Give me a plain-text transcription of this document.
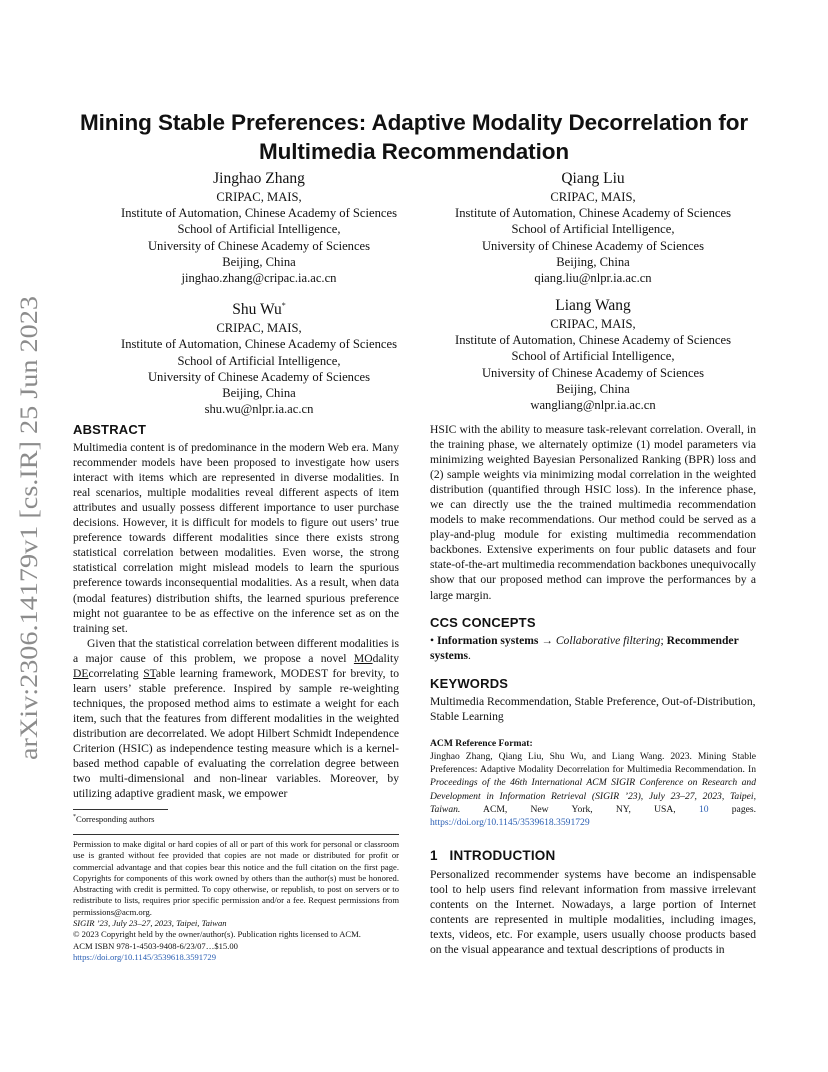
arXiv:2306.14179v1 [cs.IR] 25 Jun 2023
Mining Stable Preferences: Adaptive Modality Decorrelation for
Multimedia Recommendation
Jinghao Zhang
CRIPAC, MAIS,
Institute of Automation, Chinese Academy of Sciences
School of Artificial Intelligence,
University of Chinese Academy of Sciences
Beijing, China
jinghao.zhang@cripac.ia.ac.cn
Qiang Liu
CRIPAC, MAIS,
Institute of Automation, Chinese Academy of Sciences
School of Artificial Intelligence,
University of Chinese Academy of Sciences
Beijing, China
qiang.liu@nlpr.ia.ac.cn
Shu Wu*
CRIPAC, MAIS,
Institute of Automation, Chinese Academy of Sciences
School of Artificial Intelligence,
University of Chinese Academy of Sciences
Beijing, China
shu.wu@nlpr.ia.ac.cn
Liang Wang
CRIPAC, MAIS,
Institute of Automation, Chinese Academy of Sciences
School of Artificial Intelligence,
University of Chinese Academy of Sciences
Beijing, China
wangliang@nlpr.ia.ac.cn
ABSTRACT

Multimedia content is of predominance in the modern Web era. Many recommender models have been proposed to investigate how users interact with items which are represented in diverse modalities. In real scenarios, multiple modalities reveal different aspects of item attributes and usually possess different importance to user purchase decisions. However, it is difficult for models to figure out users’ true preference towards different modalities since there exists strong statistical correlation between modalities. Even worse, the strong statistical correlation might mislead models to learn the spurious preference towards inconsequential modalities. As a result, when data (modal features) distribution shifts, the learned spurious preference might not guarantee to be as effective on the inference set as on the training set.

Given that the statistical correlation between different modalities is a major cause of this problem, we propose a novel MOdality DEcorrelating STable learning framework, MODEST for brevity, to learn users’ stable preference. Inspired by sample re-weighting techniques, the proposed method aims to estimate a weight for each item, such that the features from different modalities in the weighted distribution are decorrelated. We adopt Hilbert Schmidt Independence Criterion (HSIC) as independence testing measure which is a kernel-based method capable of evaluating the correlation degree between two multi-dimensional and non-linear variables. Moreover, by utilizing adaptive gradient mask, we empower

*Corresponding authors
Permission to make digital or hard copies of all or part of this work for personal or classroom use is granted without fee provided that copies are not made or distributed for profit or commercial advantage and that copies bear this notice and the full citation on the first page. Copyrights for components of this work owned by others than the author(s) must be honored. Abstracting with credit is permitted. To copy otherwise, or republish, to post on servers or to redistribute to lists, requires prior specific permission and/or a fee. Request permissions from permissions@acm.org.
SIGIR ’23, July 23–27, 2023, Taipei, Taiwan
© 2023 Copyright held by the owner/author(s). Publication rights licensed to ACM.
ACM ISBN 978-1-4503-9408-6/23/07…$15.00
https://doi.org/10.1145/3539618.3591729

HSIC with the ability to measure task-relevant correlation. Overall, in the training phase, we alternately optimize (1) model parameters via minimizing weighted Bayesian Personalized Ranking (BPR) loss and (2) sample weights via minimizing modal correlation in the weighted distribution (quantified through HSIC loss). In the inference phase, we can directly use the the trained multimedia recommendation models to make recommendations. Our method could be served as a play-and-plug module for existing multimedia recommendation backbones. Extensive experiments on four public datasets and four state-of-the-art multimedia recommendation backbones unequivocally show that our proposed method can improve the performances by a large margin.

CCS CONCEPTS

• Information systems → Collaborative filtering; Recommender systems.

KEYWORDS

Multimedia Recommendation, Stable Preference, Out-of-Distribution, Stable Learning

ACM Reference Format:

Jinghao Zhang, Qiang Liu, Shu Wu, and Liang Wang. 2023. Mining Stable Preferences: Adaptive Modality Decorrelation for Multimedia Recommendation. In Proceedings of the 46th International ACM SIGIR Conference on Research and Development in Information Retrieval (SIGIR ’23), July 23–27, 2023, Taipei, Taiwan. ACM, New York, NY, USA, 10 pages. https://doi.org/10.1145/3539618.3591729

1   INTRODUCTION

Personalized recommender systems have become an indispensable tool to help users find relevant information from massive irrelevant contents on the Internet. Nowadays, a large portion of Internet contents are represented in multiple modalities, including images, texts, videos, etc. For example, users usually choose products based on the visual appearance and textual descriptions of products in
